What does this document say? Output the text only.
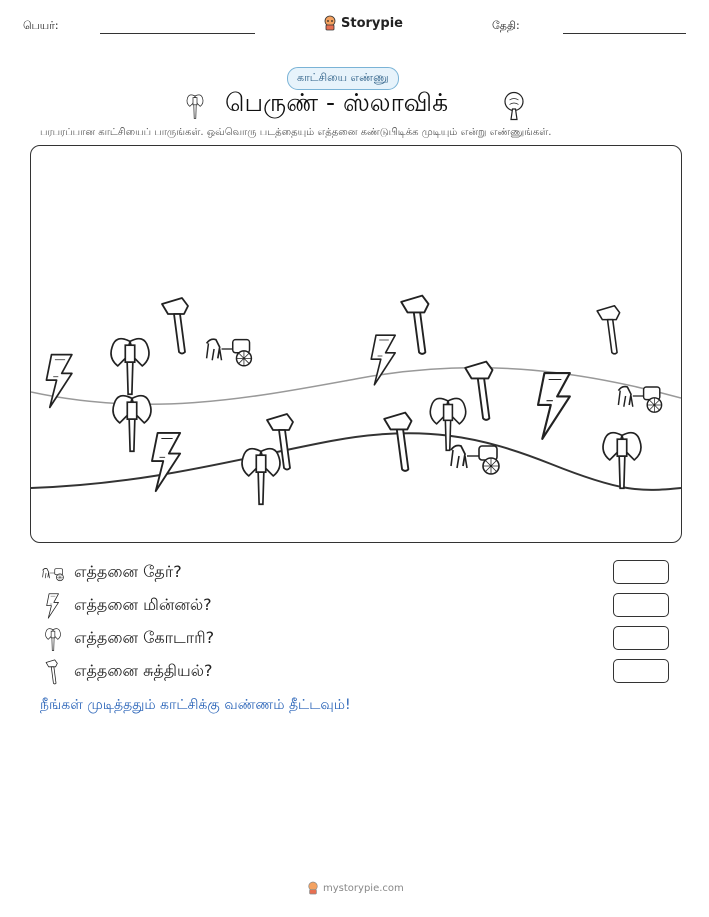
பெயர்:	Storypie	தேதி:
காட்சியை எண்ணு
பெருண் - ஸ்லாவிக்
பரபரப்பான காட்சியைப் பாருங்கள். ஒவ்வொரு படத்தையும் எத்தனை கண்டுபிடிக்க முடியும் என்று எண்ணுங்கள்.
எத்தனை தேர்?
எத்தனை மின்னல்?
எத்தனை கோடாரி?
எத்தனை சுத்தியல்?
நீங்கள் முடித்ததும் காட்சிக்கு வண்ணம் தீட்டவும்!
mystorypie.com
